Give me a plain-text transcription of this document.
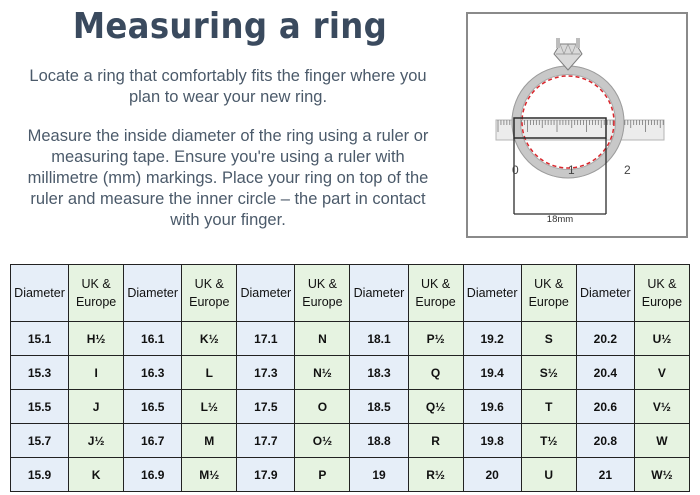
Measuring a ring

Locate a ring that comfortably fits the finger where you plan to wear your new ring.

Measure the inside diameter of the ring using a ruler or measuring tape. Ensure you're using a ruler with millimetre (mm) markings. Place your ring on top of the ruler and measure the inner circle – the part in contact with your finger.

0	1	2
18mm
Diameter	UK & Europe	Diameter	UK & Europe	Diameter	UK & Europe	Diameter	UK & Europe	Diameter	UK & Europe	Diameter	UK & Europe
15.1	H½	16.1	K½	17.1	N	18.1	P½	19.2	S	20.2	U½
15.3	I	16.3	L	17.3	N½	18.3	Q	19.4	S½	20.4	V
15.5	J	16.5	L½	17.5	O	18.5	Q½	19.6	T	20.6	V½
15.7	J½	16.7	M	17.7	O½	18.8	R	19.8	T½	20.8	W
15.9	K	16.9	M½	17.9	P	19	R½	20	U	21	W½
